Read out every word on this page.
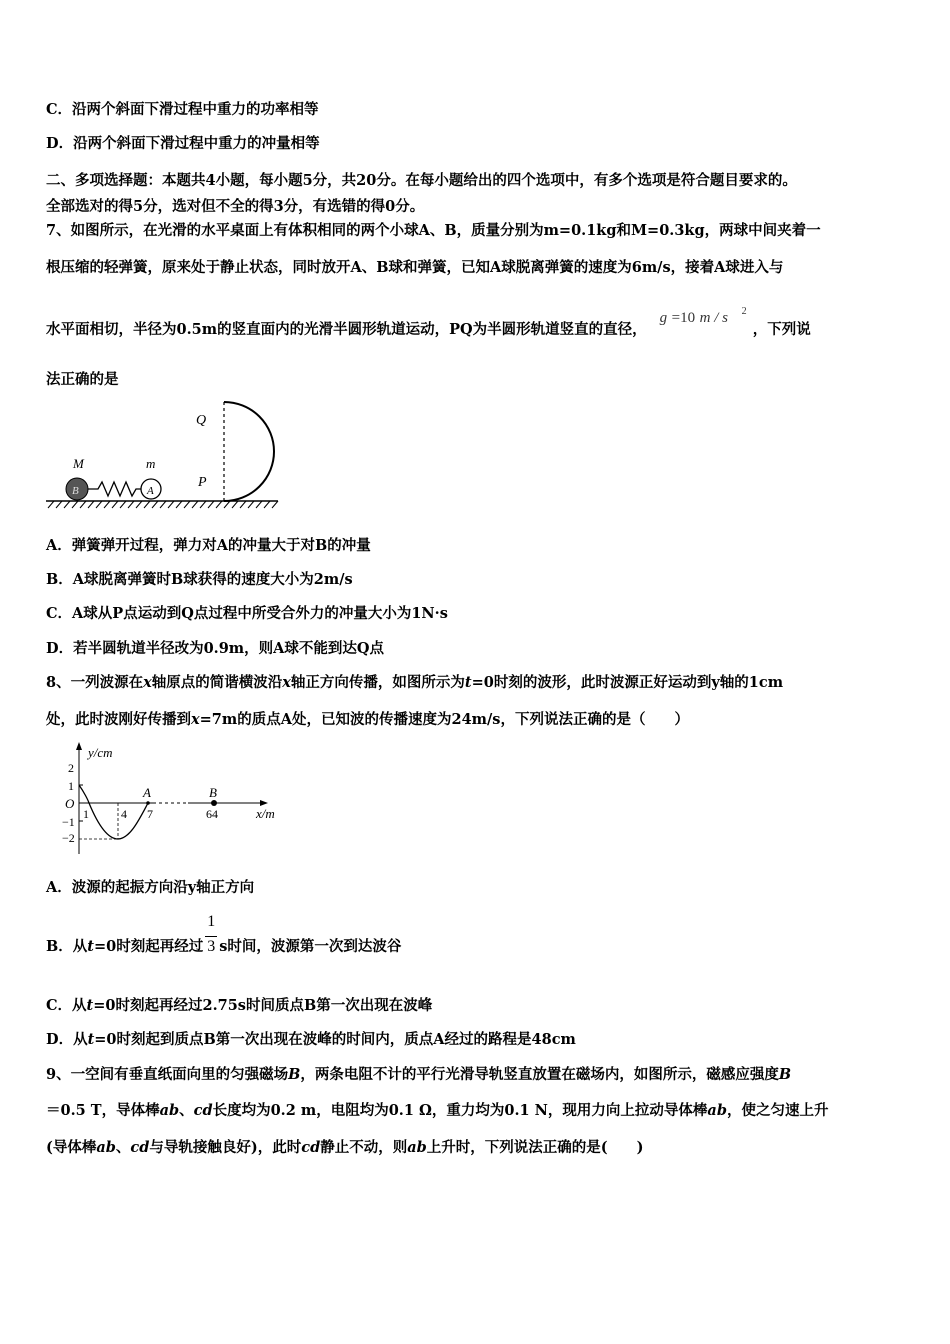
C．沿两个斜面下滑过程中重力的功率相等
D．沿两个斜面下滑过程中重力的冲量相等
二、多项选择题：本题共4小题，每小题5分，共20分。在每小题给出的四个选项中，有多个选项是符合题目要求的。
全部选对的得5分，选对但不全的得3分，有选错的得0分。
7、如图所示，在光滑的水平桌面上有体积相同的两个小球A、B，质量分别为m=0.1kg和M=0.3kg，两球中间夹着一
根压缩的轻弹簧，原来处于静止状态，同时放开A、B球和弹簧，已知A球脱离弹簧的速度为6m/s，接着A球进入与
水平面相切，半径为0.5m的竖直面内的光滑半圆形轨道运动，PQ为半圆形轨道竖直的直径，
g =10 m / s 2
，下列说
法正确的是
Q
P
B	A
M	m
A．弹簧弹开过程，弹力对A的冲量大于对B的冲量
B．A球脱离弹簧时B球获得的速度大小为2m/s
C．A球从P点运动到Q点过程中所受合外力的冲量大小为1N·s
D．若半圆轨道半径改为0.9m，则A球不能到达Q点
8、一列波源在x轴原点的简谐横波沿x轴正方向传播，如图所示为t=0时刻的波形，此时波源正好运动到y轴的1cm
处，此时波刚好传播到x=7m的质点A处，已知波的传播速度为24m/s，下列说法正确的是（　　）
y/cm
x/m
O
2
1
−1
−2
1	4 7
A	B
64
A．波源的起振方向沿y轴正方向
B．从t=0时刻起再经过 $\frac{1}{3}$ s时间，波源第一次到达波谷
C．从t=0时刻起再经过2.75s时间质点B第一次出现在波峰
D．从t=0时刻起到质点B第一次出现在波峰的时间内，质点A经过的路程是48cm
9、一空间有垂直纸面向里的匀强磁场B，两条电阻不计的平行光滑导轨竖直放置在磁场内，如图所示，磁感应强度B
＝0.5 T，导体棒ab、cd长度均为0.2 m，电阻均为0.1 Ω，重力均为0.1 N，现用力向上拉动导体棒ab，使之匀速上升
(导体棒ab、cd与导轨接触良好)，此时cd静止不动，则ab上升时，下列说法正确的是(　　)
